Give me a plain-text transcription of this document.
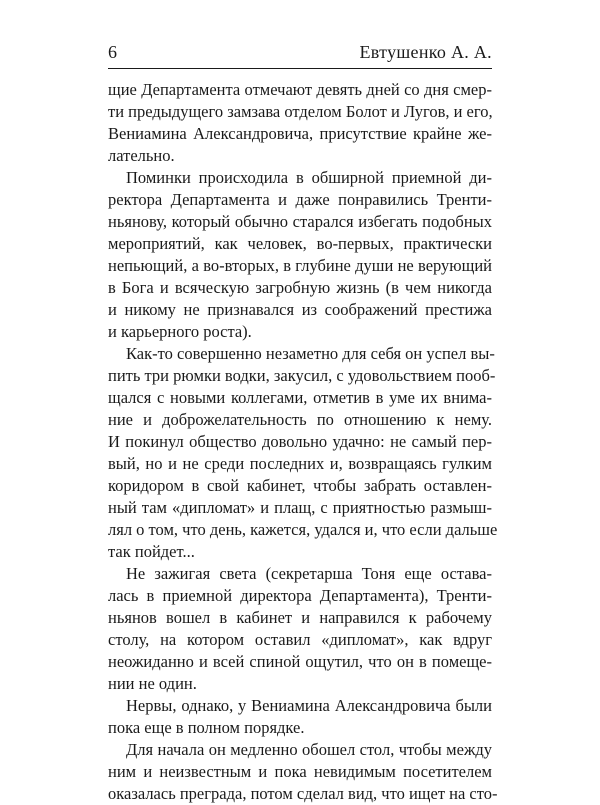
6	Евтушенко А. А.
щие Департамента отмечают девять дней со дня смер-
ти предыдущего замзава отделом Болот и Лугов, и его,
Вениамина Александровича, присутствие крайне же-
лательно.
Поминки происходила в обширной приемной ди-
ректора Департамента и даже понравились Тренти-
ньянову, который обычно старался избегать подобных
мероприятий, как человек, во-первых, практически
непьющий, а во-вторых, в глубине души не верующий
в Бога и всяческую загробную жизнь (в чем никогда
и никому не признавался из соображений престижа
и карьерного роста).
Как-то совершенно незаметно для себя он успел вы-
пить три рюмки водки, закусил, с удовольствием пооб-
щался с новыми коллегами, отметив в уме их внима-
ние и доброжелательность по отношению к нему.
И покинул общество довольно удачно: не самый пер-
вый, но и не среди последних и, возвращаясь гулким
коридором в свой кабинет, чтобы забрать оставлен-
ный там «дипломат» и плащ, с приятностью размыш-
лял о том, что день, кажется, удался и, что если дальше
так пойдет...
Не зажигая света (секретарша Тоня еще остава-
лась в приемной директора Департамента), Тренти-
ньянов вошел в кабинет и направился к рабочему
столу, на котором оставил «дипломат», как вдруг
неожиданно и всей спиной ощутил, что он в помеще-
нии не один.
Нервы, однако, у Вениамина Александровича были
пока еще в полном порядке.
Для начала он медленно обошел стол, чтобы между
ним и неизвестным и пока невидимым посетителем
оказалась преграда, потом сделал вид, что ищет на сто-
